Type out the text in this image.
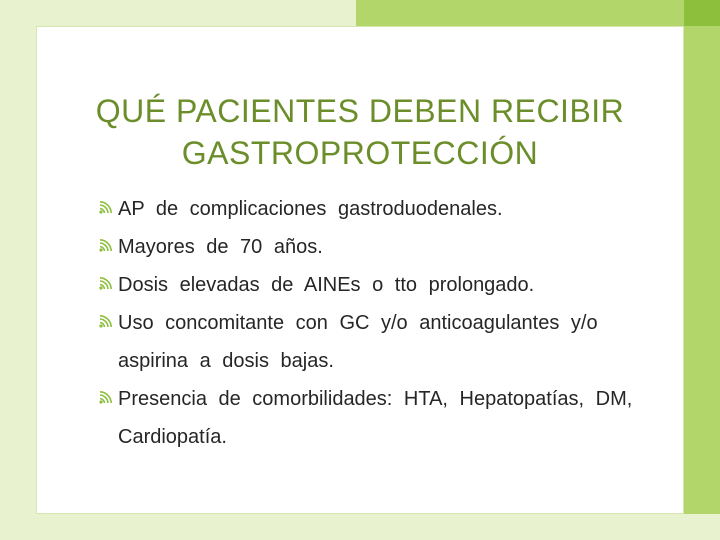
QUÉ PACIENTES DEBEN RECIBIR
GASTROPROTECCIÓN
AP de complicaciones gastroduodenales.
Mayores de 70 años.
Dosis elevadas de AINEs o tto prolongado.
Uso concomitante con GC y/o anticoagulantes y/o aspirina a dosis bajas.
Presencia de comorbilidades: HTA, Hepatopatías, DM, Cardiopatía.
